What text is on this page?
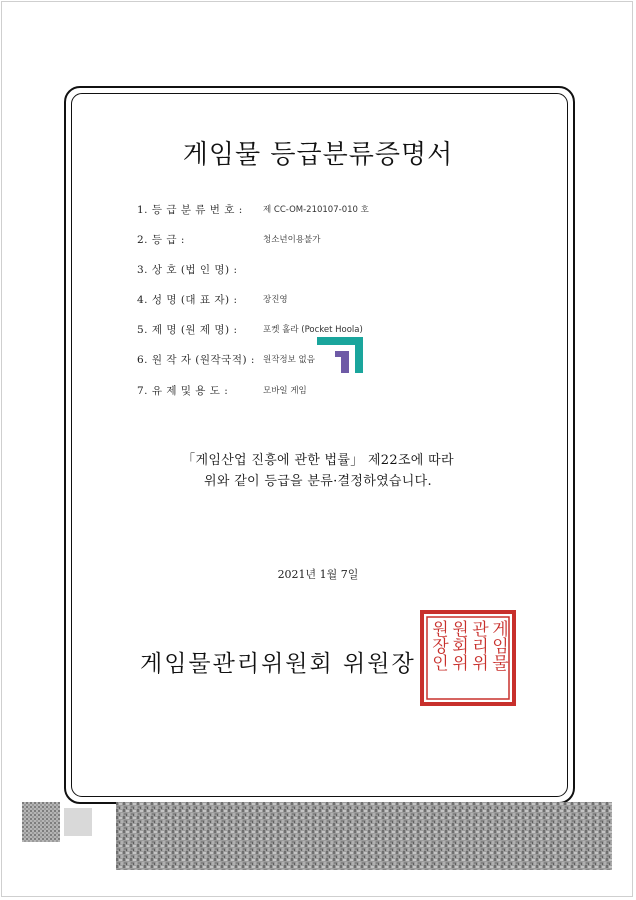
게임물 등급분류증명서
1. 등 급 분 류 번 호 : 제 CC-OM-210107-010 호
2. 등 급 :	청소년이용불가
3. 상 호 (법 인 명) :
4. 성 명 (대 표 자) :	장진영
5. 제 명 (원 제 명) :	포켓 홀라 (Pocket Hoola)
6. 원 작 자 (원작국적) : 원작정보 없음
7. 유 제 및 용 도 :	모바일 게임
「게임산업 진흥에 관한 법률」 제22조에 따라
위와 같이 등급을 분류·결정하였습니다.
2021년 1월 7일
게임물관리위원회 위원장	게임물
관리위
원회위
원장인
